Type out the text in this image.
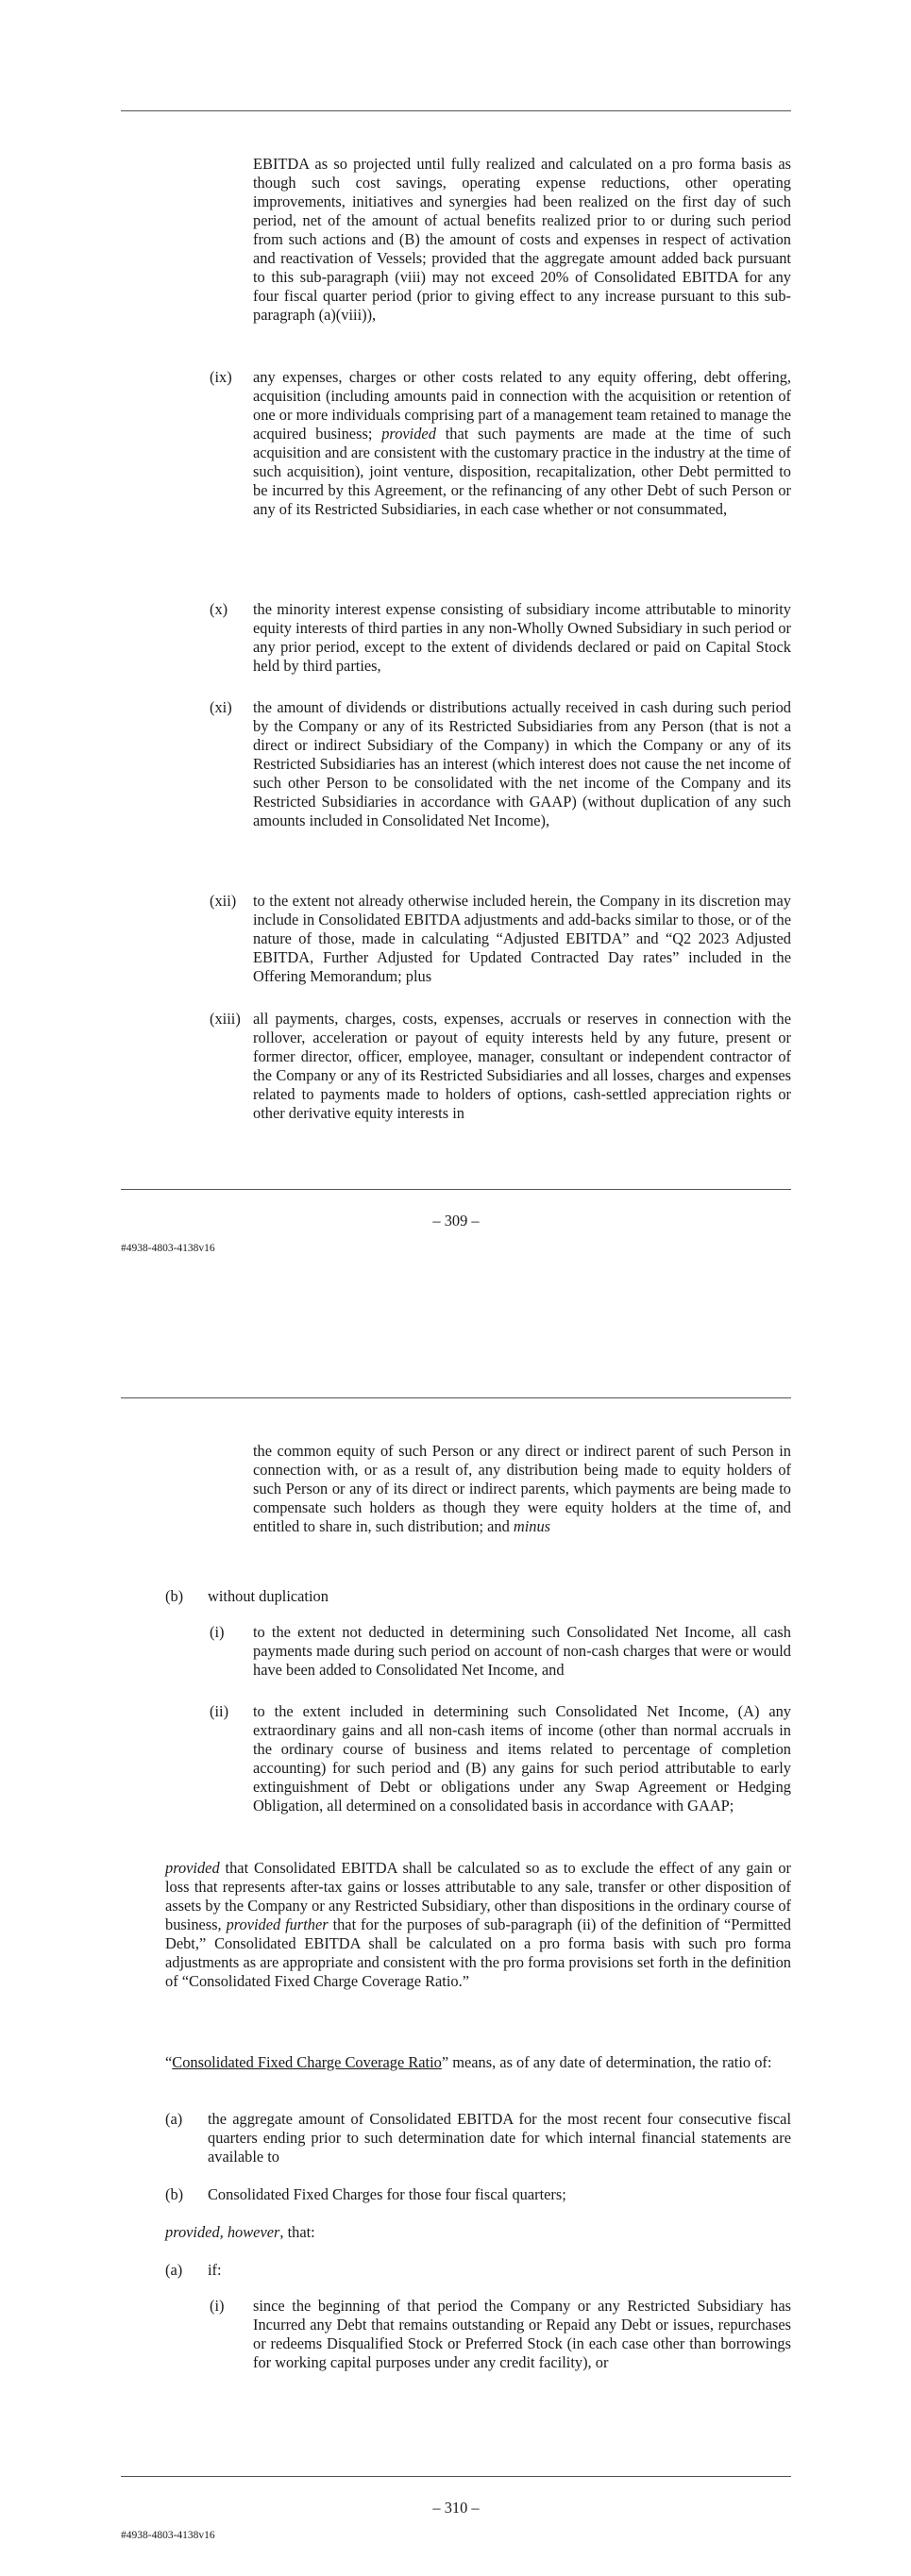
EBITDA as so projected until fully realized and calculated on a pro forma basis as though such cost savings, operating expense reductions, other operating improvements, initiatives and synergies had been realized on the first day of such period, net of the amount of actual benefits realized prior to or during such period from such actions and (B) the amount of costs and expenses in respect of activation and reactivation of Vessels; provided that the aggregate amount added back pursuant to this sub-paragraph (viii) may not exceed 20% of Consolidated EBITDA for any four fiscal quarter period (prior to giving effect to any increase pursuant to this sub-paragraph (a)(viii)),
(ix) any expenses, charges or other costs related to any equity offering, debt offering, acquisition (including amounts paid in connection with the acquisition or retention of one or more individuals comprising part of a management team retained to manage the acquired business; provided that such payments are made at the time of such acquisition and are consistent with the customary practice in the industry at the time of such acquisition), joint venture, disposition, recapitalization, other Debt permitted to be incurred by this Agreement, or the refinancing of any other Debt of such Person or any of its Restricted Subsidiaries, in each case whether or not consummated,
(x) the minority interest expense consisting of subsidiary income attributable to minority equity interests of third parties in any non-Wholly Owned Subsidiary in such period or any prior period, except to the extent of dividends declared or paid on Capital Stock held by third parties,
(xi) the amount of dividends or distributions actually received in cash during such period by the Company or any of its Restricted Subsidiaries from any Person (that is not a direct or indirect Subsidiary of the Company) in which the Company or any of its Restricted Subsidiaries has an interest (which interest does not cause the net income of such other Person to be consolidated with the net income of the Company and its Restricted Subsidiaries in accordance with GAAP) (without duplication of any such amounts included in Consolidated Net Income),
(xii) to the extent not already otherwise included herein, the Company in its discretion may include in Consolidated EBITDA adjustments and add-backs similar to those, or of the nature of those, made in calculating “Adjusted EBITDA” and “Q2 2023 Adjusted EBITDA, Further Adjusted for Updated Contracted Day rates” included in the Offering Memorandum; plus
(xiii) all payments, charges, costs, expenses, accruals or reserves in connection with the rollover, acceleration or payout of equity interests held by any future, present or former director, officer, employee, manager, consultant or independent contractor of the Company or any of its Restricted Subsidiaries and all losses, charges and expenses related to payments made to holders of options, cash-settled appreciation rights or other derivative equity interests in
– 309 –
#4938-4803-4138v16
the common equity of such Person or any direct or indirect parent of such Person in connection with, or as a result of, any distribution being made to equity holders of such Person or any of its direct or indirect parents, which payments are being made to compensate such holders as though they were equity holders at the time of, and entitled to share in, such distribution; and minus
(b) without duplication
(i) to the extent not deducted in determining such Consolidated Net Income, all cash payments made during such period on account of non-cash charges that were or would have been added to Consolidated Net Income, and
(ii) to the extent included in determining such Consolidated Net Income, (A) any extraordinary gains and all non-cash items of income (other than normal accruals in the ordinary course of business and items related to percentage of completion accounting) for such period and (B) any gains for such period attributable to early extinguishment of Debt or obligations under any Swap Agreement or Hedging Obligation, all determined on a consolidated basis in accordance with GAAP;
provided that Consolidated EBITDA shall be calculated so as to exclude the effect of any gain or loss that represents after-tax gains or losses attributable to any sale, transfer or other disposition of assets by the Company or any Restricted Subsidiary, other than dispositions in the ordinary course of business, provided further that for the purposes of sub-paragraph (ii) of the definition of “Permitted Debt,” Consolidated EBITDA shall be calculated on a pro forma basis with such pro forma adjustments as are appropriate and consistent with the pro forma provisions set forth in the definition of “Consolidated Fixed Charge Coverage Ratio.”
“Consolidated Fixed Charge Coverage Ratio” means, as of any date of determination, the ratio of:
(a) the aggregate amount of Consolidated EBITDA for the most recent four consecutive fiscal quarters ending prior to such determination date for which internal financial statements are available to
(b) Consolidated Fixed Charges for those four fiscal quarters;
provided, however, that:
(a) if:
(i) since the beginning of that period the Company or any Restricted Subsidiary has Incurred any Debt that remains outstanding or Repaid any Debt or issues, repurchases or redeems Disqualified Stock or Preferred Stock (in each case other than borrowings for working capital purposes under any credit facility), or
– 310 –
#4938-4803-4138v16
